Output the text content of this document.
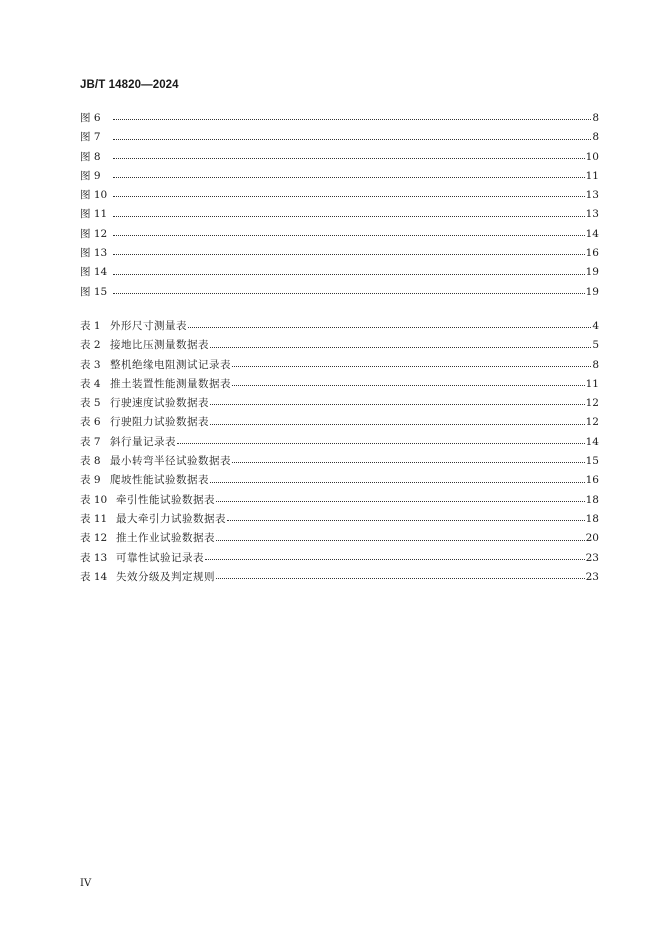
JB/T 14820—2024
图 6	8
图 7	8
图 8	10
图 9	11
图 10	13
图 11	13
图 12	14
图 13	16
图 14	19
图 15	19
表 1 外形尺寸测量表	4
表 2 接地比压测量数据表	5
表 3 整机绝缘电阻测试记录表	8
表 4 推土装置性能测量数据表	11
表 5 行驶速度试验数据表	12
表 6 行驶阻力试验数据表	12
表 7 斜行量记录表	14
表 8 最小转弯半径试验数据表	15
表 9 爬坡性能试验数据表	16
表 10 牵引性能试验数据表	18
表 11 最大牵引力试验数据表	18
表 12 推土作业试验数据表	20
表 13 可靠性试验记录表	23
表 14 失效分级及判定规则	23
IV
